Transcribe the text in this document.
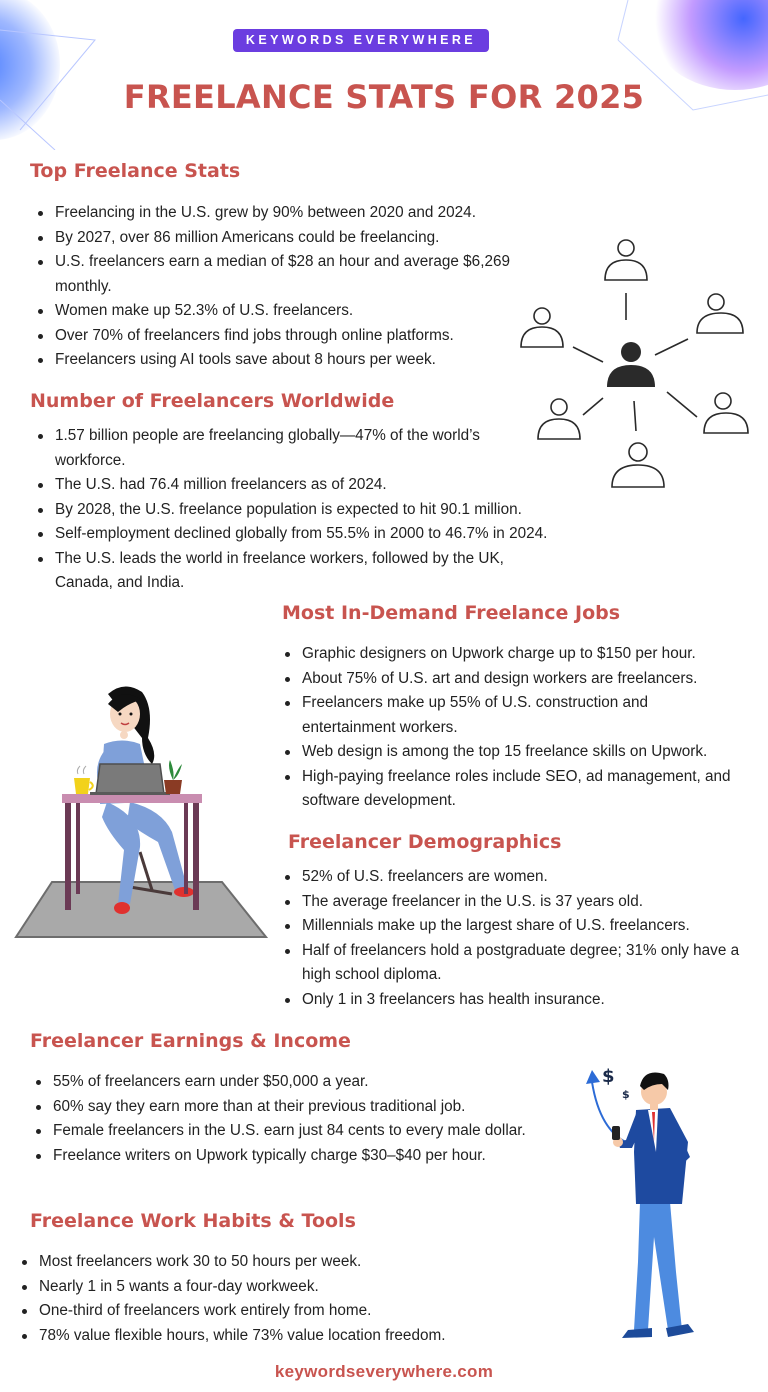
KEYWORDS EVERYWHERE
FREELANCE STATS FOR 2025
Top Freelance Stats
Freelancing in the U.S. grew by 90% between 2020 and 2024.
By 2027, over 86 million Americans could be freelancing.
U.S. freelancers earn a median of $28 an hour and average $6,269 monthly.
Women make up 52.3% of U.S. freelancers.
Over 70% of freelancers find jobs through online platforms.
Freelancers using AI tools save about 8 hours per week.
Number of Freelancers Worldwide
1.57 billion people are freelancing globally—47% of the world’s workforce.
The U.S. had 76.4 million freelancers as of 2024.
By 2028, the U.S. freelance population is expected to hit 90.1 million.
Self-employment declined globally from 55.5% in 2000 to 46.7% in 2024.
The U.S. leads the world in freelance workers, followed by the UK, Canada, and India.
Most In-Demand Freelance Jobs
Graphic designers on Upwork charge up to $150 per hour.
About 75% of U.S. art and design workers are freelancers.
Freelancers make up 55% of U.S. construction and entertainment workers.
Web design is among the top 15 freelance skills on Upwork.
High-paying freelance roles include SEO, ad management, and software development.
Freelancer Demographics
52% of U.S. freelancers are women.
The average freelancer in the U.S. is 37 years old.
Millennials make up the largest share of U.S. freelancers.
Half of freelancers hold a postgraduate degree; 31% only have a high school diploma.
Only 1 in 3 freelancers has health insurance.
Freelancer Earnings & Income
55% of freelancers earn under $50,000 a year.
60% say they earn more than at their previous traditional job.
Female freelancers in the U.S. earn just 84 cents to every male dollar.
Freelance writers on Upwork typically charge $30–$40 per hour.
$
$
Freelance Work Habits & Tools
Most freelancers work 30 to 50 hours per week.
Nearly 1 in 5 wants a four-day workweek.
One-third of freelancers work entirely from home.
78% value flexible hours, while 73% value location freedom.
keywordseverywhere.com
